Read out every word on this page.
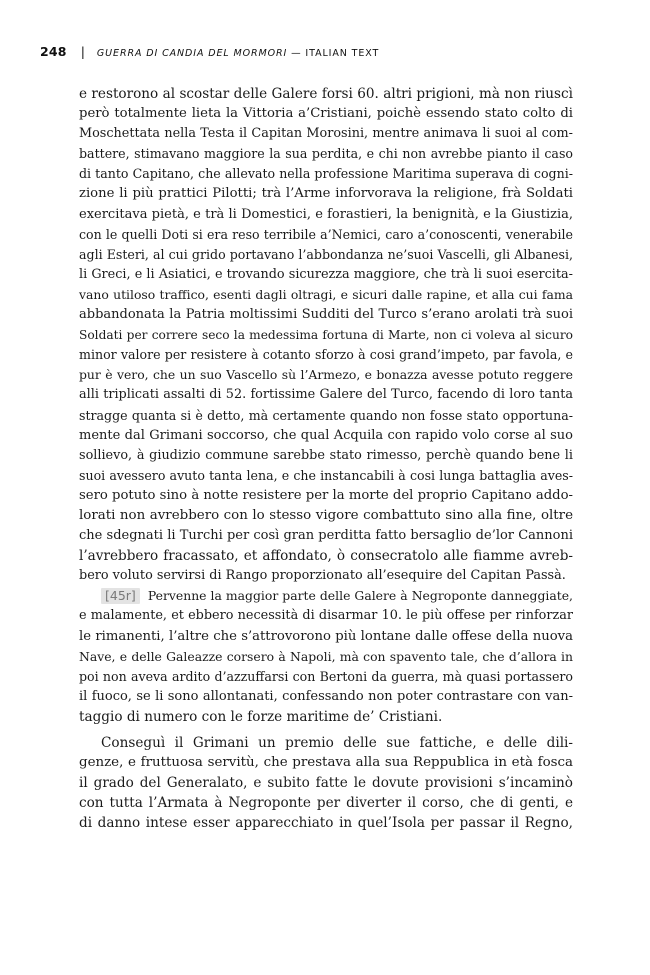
248 | GUERRA DI CANDIA DEL MORMORI — ITALIAN TEXT
e restorono al scostar delle Galere forsi 60. altri prigioni, mà non riuscì
però totalmente lieta la Vittoria a’Cristiani, poichè essendo stato colto di
Moschettata nella Testa il Capitan Morosini, mentre animava li suoi al com-
battere, stimavano maggiore la sua perdita, e chi non avrebbe pianto il caso
di tanto Capitano, che allevato nella professione Maritima superava di cogni-
zione li più prattici Pilotti; trà l’Arme inforvorava la religione, frà Soldati
exercitava pietà, e trà li Domestici, e forastieri, la benignità, e la Giustizia,
con le quelli Doti si era reso terribile a’Nemici, caro a’conoscenti, venerabile
agli Esteri, al cui grido portavano l’abbondanza ne’suoi Vascelli, gli Albanesi,
li Greci, e li Asiatici, e trovando sicurezza maggiore, che trà li suoi esercita-
vano utiloso traffico, esenti dagli oltragi, e sicuri dalle rapine, et alla cui fama
abbandonata la Patria moltissimi Sudditi del Turco s’erano arolati trà suoi
Soldati per correre seco la medessima fortuna di Marte, non ci voleva al sicuro
minor valore per resistere à cotanto sforzo à cosi grand’impeto, par favola, e
pur è vero, che un suo Vascello sù l’Armezo, e bonazza avesse potuto reggere
alli triplicati assalti di 52. fortissime Galere del Turco, facendo di loro tanta
stragge quanta si è detto, mà certamente quando non fosse stato opportuna-
mente dal Grimani soccorso, che qual Acquila con rapido volo corse al suo
sollievo, à giudizio commune sarebbe stato rimesso, perchè quando bene li
suoi avessero avuto tanta lena, e che instancabili à cosi lunga battaglia aves-
sero potuto sino à notte resistere per la morte del proprio Capitano addo-
lorati non avrebbero con lo stesso vigore combattuto sino alla fine, oltre
che sdegnati li Turchi per così gran perditta fatto bersaglio de’lor Cannoni
l’avrebbero fracassato, et affondato, ò consecratolo alle fiamme avreb-
bero voluto servirsi di Rango proporzionato all’esequire del Capitan Passà.
[45r] Pervenne la maggior parte delle Galere à Negroponte danneggiate,
e malamente, et ebbero necessità di disarmar 10. le più offese per rinforzar
le rimanenti, l’altre che s’attrovorono più lontane dalle offese della nuova
Nave, e delle Galeazze corsero à Napoli, mà con spavento tale, che d’allora in
poi non aveva ardito d’azzuffarsi con Bertoni da guerra, mà quasi portassero
il fuoco, se li sono allontanati, confessando non poter contrastare con van-
taggio di numero con le forze maritime de’ Cristiani.
Conseguì il Grimani un premio delle sue fattiche, e delle dili-
genze, e fruttuosa servitù, che prestava alla sua Reppublica in età fosca
il grado del Generalato, e subito fatte le dovute provisioni s’incaminò
con tutta l’Armata à Negroponte per diverter il corso, che di genti, e
di danno intese esser apparecchiato in quel’Isola per passar il Regno,
